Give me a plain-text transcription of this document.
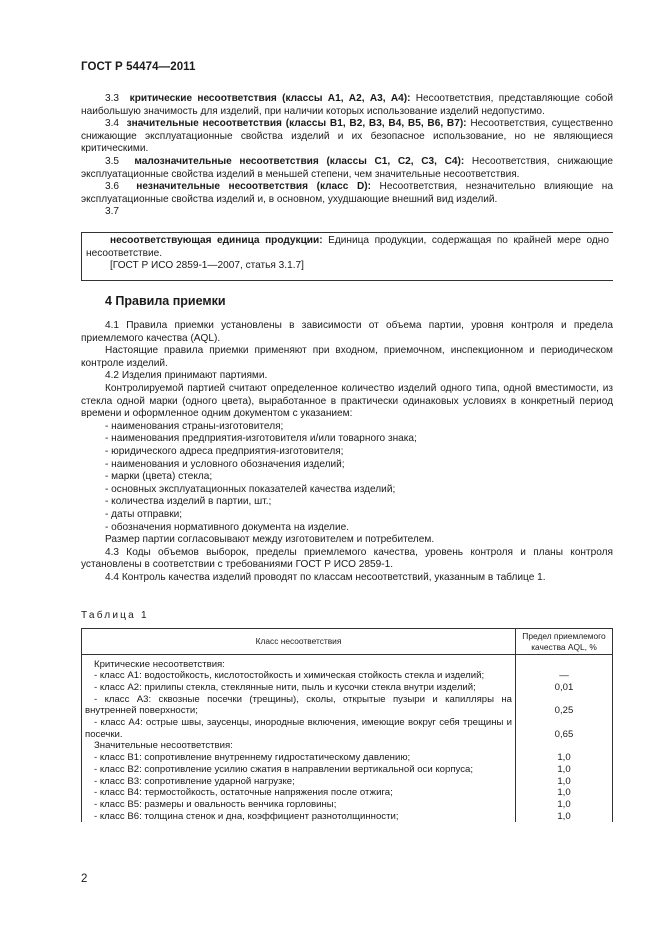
ГОСТ Р 54474—2011
3.3 критические несоответствия (классы А1, А2, А3, А4): Несоответствия, представляющие собой наибольшую значимость для изделий, при наличии которых использование изделий недопустимо.
3.4 значительные несоответствия (классы В1, В2, В3, В4, В5, В6, В7): Несоответствия, существенно снижающие эксплуатационные свойства изделий и их безопасное использование, но не являющиеся критическими.
3.5 малозначительные несоответствия (классы С1, С2, С3, С4): Несоответствия, снижающие эксплуатационные свойства изделий в меньшей степени, чем значительные несоответствия.
3.6 незначительные несоответствия (класс D): Несоответствия, незначительно влияющие на эксплуатационные свойства изделий и, в основном, ухудшающие внешний вид изделий.
3.7
несоответствующая единица продукции: Единица продукции, содержащая по крайней мере одно несоответствие.
[ГОСТ Р ИСО 2859-1—2007, статья 3.1.7]
4 Правила приемки
4.1 Правила приемки установлены в зависимости от объема партии, уровня контроля и предела приемлемого качества (AQL).
Настоящие правила приемки применяют при входном, приемочном, инспекционном и периодическом контроле изделий.
4.2 Изделия принимают партиями.
Контролируемой партией считают определенное количество изделий одного типа, одной вместимости, из стекла одной марки (одного цвета), выработанное в практически одинаковых условиях в конкретный период времени и оформленное одним документом с указанием:
- наименования страны-изготовителя;
- наименования предприятия-изготовителя и/или товарного знака;
- юридического адреса предприятия-изготовителя;
- наименования и условного обозначения изделий;
- марки (цвета) стекла;
- основных эксплуатационных показателей качества изделий;
- количества изделий в партии, шт.;
- даты отправки;
- обозначения нормативного документа на изделие.
Размер партии согласовывают между изготовителем и потребителем.
4.3 Коды объемов выборок, пределы приемлемого качества, уровень контроля и планы контроля установлены в соответствии с требованиями ГОСТ Р ИСО 2859-1.
4.4 Контроль качества изделий проводят по классам несоответствий, указанным в таблице 1.
Таблица 1
Класс несоответствия	Предел приемлемого
качества AQL, %

Критические несоответствия:	
- класс А1: водостойкость, кислотостойкость и химическая стойкость стекла и изделий;	—
- класс А2: прилипы стекла, стеклянные нити, пыль и кусочки стекла внутри изделий;	0,01

- класс А3: сквозные посечки (трещины), сколы, открытые пузыри и капилляры на внутренней поверхности;	0,25

- класс А4: острые швы, заусенцы, инородные включения, имеющие вокруг себя трещины и посечки.	0,65
Значительные несоответствия:	
- класс В1: сопротивление внутреннему гидростатическому давлению;	1,0
- класс В2: сопротивление усилию сжатия в направлении вертикальной оси корпуса;	1,0
- класс В3: сопротивление ударной нагрузке;	1,0
- класс В4: термостойкость, остаточные напряжения после отжига;	1,0
- класс В5: размеры и овальность венчика горловины;	1,0
- класс В6: толщина стенок и дна, коэффициент разнотолщинности;	1,0
2
